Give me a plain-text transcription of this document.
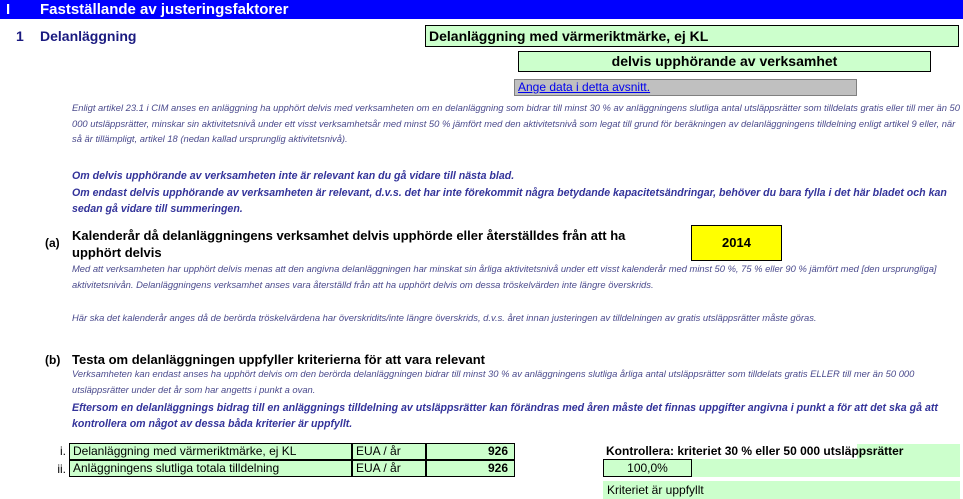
I Fastställande av justeringsfaktorer
1 Delanläggning	Delanläggning med värmeriktmärke, ej KL
delvis upphörande av verksamhet
Ange data i detta avsnitt.
Enligt artikel 23.1 i CIM anses en anläggning ha upphört delvis med verksamheten om en delanläggning som bidrar till minst 30 % av anläggningens slutliga antal utsläppsrätter som tilldelats gratis eller till mer än 50 000 utsläppsrätter, minskar sin aktivitetsnivå under ett visst verksamhetsår med minst 50 % jämfört med den aktivitetsnivå som legat till grund för beräkningen av delanläggningens tilldelning enligt artikel 9 eller, när så är tillämpligt, artikel 18 (nedan kallad ursprunglig aktivitetsnivå).
Om delvis upphörande av verksamheten inte är relevant kan du gå vidare till nästa blad.
Om endast delvis upphörande av verksamheten är relevant, d.v.s. det har inte förekommit några betydande kapacitetsändringar, behöver du bara fylla i det här bladet och kan sedan gå vidare till summeringen.
(a) Kalenderår då delanläggningens verksamhet delvis upphörde eller återställdes från att ha upphört delvis
2014
Med att verksamheten har upphört delvis menas att den angivna delanläggningen har minskat sin årliga aktivitetsnivå under ett visst kalenderår med minst 50 %, 75 % eller 90 % jämfört med [den ursprungliga] aktivitetsnivån. Delanläggningens verksamhet anses vara återställd från att ha upphört delvis om dessa tröskelvärden inte längre överskrids.
Här ska det kalenderår anges då de berörda tröskelvärdena har överskridits/inte längre överskrids, d.v.s. året innan justeringen av tilldelningen av gratis utsläppsrätter måste göras.
(b) Testa om delanläggningen uppfyller kriterierna för att vara relevant
Verksamheten kan endast anses ha upphört delvis om den berörda delanläggningen bidrar till minst 30 % av anläggningens slutliga årliga antal utsläppsrätter som tilldelats gratis ELLER till mer än 50 000 utsläppsrätter under det år som har angetts i punkt a ovan.
Eftersom en delanläggnings bidrag till en anläggnings tilldelning av utsläppsrätter kan förändras med åren måste det finnas uppgifter angivna i punkt a för att det ska gå att kontrollera om något av dessa båda kriterier är uppfyllt.
i. Delanläggning med värmeriktmärke, ej KL	EUA / år	926
ii. Anläggningens slutliga totala tilldelning	EUA / år	926
Kontrollera: kriteriet 30 % eller 50 000 utsläppsrätter
100,0%
Kriteriet är uppfyllt
